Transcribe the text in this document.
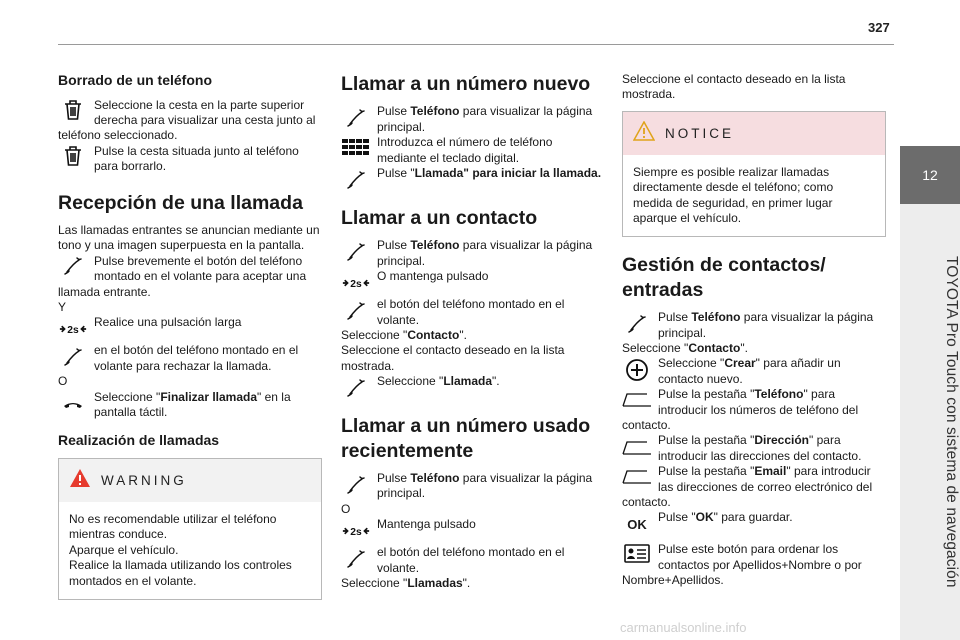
327
12
TOYOTA Pro Touch con sistema de navegación
Borrado de un teléfono
Seleccione la cesta en la parte superior derecha para visualizar una cesta junto al teléfono seleccionado.
Pulse la cesta situada junto al teléfono para borrarlo.
Recepción de una llamada

Las llamadas entrantes se anuncian mediante un tono y una imagen superpuesta en la pantalla.

Pulse brevemente el botón del teléfono montado en el volante para aceptar una llamada entrante.

Y

2s
Realice una pulsación larga
en el botón del teléfono montado en el volante para rechazar la llamada.

O

Seleccione "Finalizar llamada" en la pantalla táctil.
Realización de llamadas
WARNING
No es recomendable utilizar el teléfono mientras conduce.
Aparque el vehículo.
Realice la llamada utilizando los controles montados en el volante.
Llamar a un número nuevo
Pulse Teléfono para visualizar la página principal.
Introduzca el número de teléfono mediante el teclado digital.
Pulse "Llamada" para iniciar la llamada.
Llamar a un contacto
Pulse Teléfono para visualizar la página principal.
2s
O mantenga pulsado
el botón del teléfono montado en el volante.

Seleccione "Contacto".

Seleccione el contacto deseado en la lista mostrada.

Seleccione "Llamada".
Llamar a un número usado recientemente
Pulse Teléfono para visualizar la página principal.

O

2s
Mantenga pulsado
el botón del teléfono montado en el volante.

Seleccione "Llamadas".

Seleccione el contacto deseado en la lista mostrada.

NOTICE
Siempre es posible realizar llamadas directamente desde el teléfono; como medida de seguridad, en primer lugar aparque el vehículo.
Gestión de contactos/ entradas
Pulse Teléfono para visualizar la página principal.

Seleccione "Contacto".

Seleccione "Crear" para añadir un contacto nuevo.
Pulse la pestaña "Teléfono" para introducir los números de teléfono del contacto.
Pulse la pestaña "Dirección" para introducir las direcciones del contacto.
Pulse la pestaña "Email" para introducir las direcciones de correo electrónico del contacto.
OK Pulse "OK" para guardar.
Pulse este botón para ordenar los contactos por Apellidos+Nombre o por Nombre+Apellidos.
carmanualsonline.info
